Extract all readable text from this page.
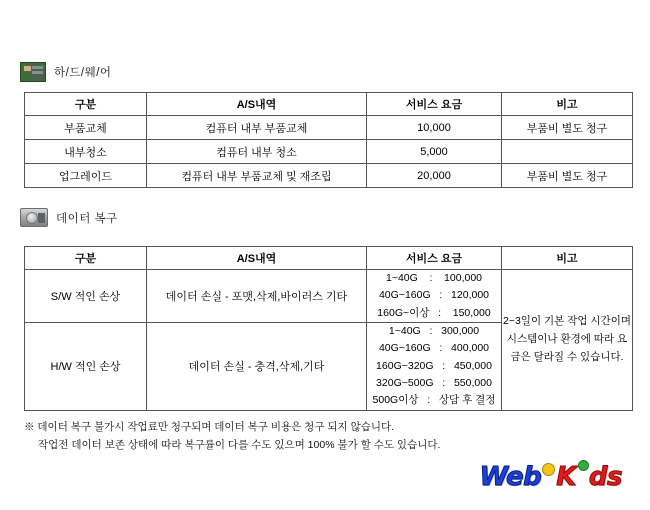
하/드/웨/어
구분	A/S내역	서비스 요금	비고
부품교체	컴퓨터 내부 부품교체	10,000	부품비 별도 청구
내부청소	컴퓨터 내부 청소	5,000	
업그레이드	컴퓨터 내부 부품교체 및 재조립	20,000	부품비 별도 청구
데이터 복구
구분	A/S내역	서비스 요금	비고
S/W 적인 손상	데이터 손실 - 포맷,삭제,바이러스 기타	1~40G    :    100,000
40G~160G   :   120,000
160G~이상   :    150,000	2~3일이 기본 작업 시간이며 시스템이나 환경에 따라 요금은 달라질 수 있습니다.
H/W 적인 손상	데이터 손실 - 충격,삭제,기타	1~40G   :   300,000
40G~160G   :   400,000
160G~320G   :   450,000
320G~500G   :   550,000
500G이상   :   상담 후 결정	
※ 데이터 복구 불가시 작업료만 청구되며 데이터 복구 비용은 청구 되지 않습니다.
작업전 데이터 보존 상태에 따라 복구률이 다를 수도 있으며 100% 불가 할 수도 있습니다.
Web K ds
